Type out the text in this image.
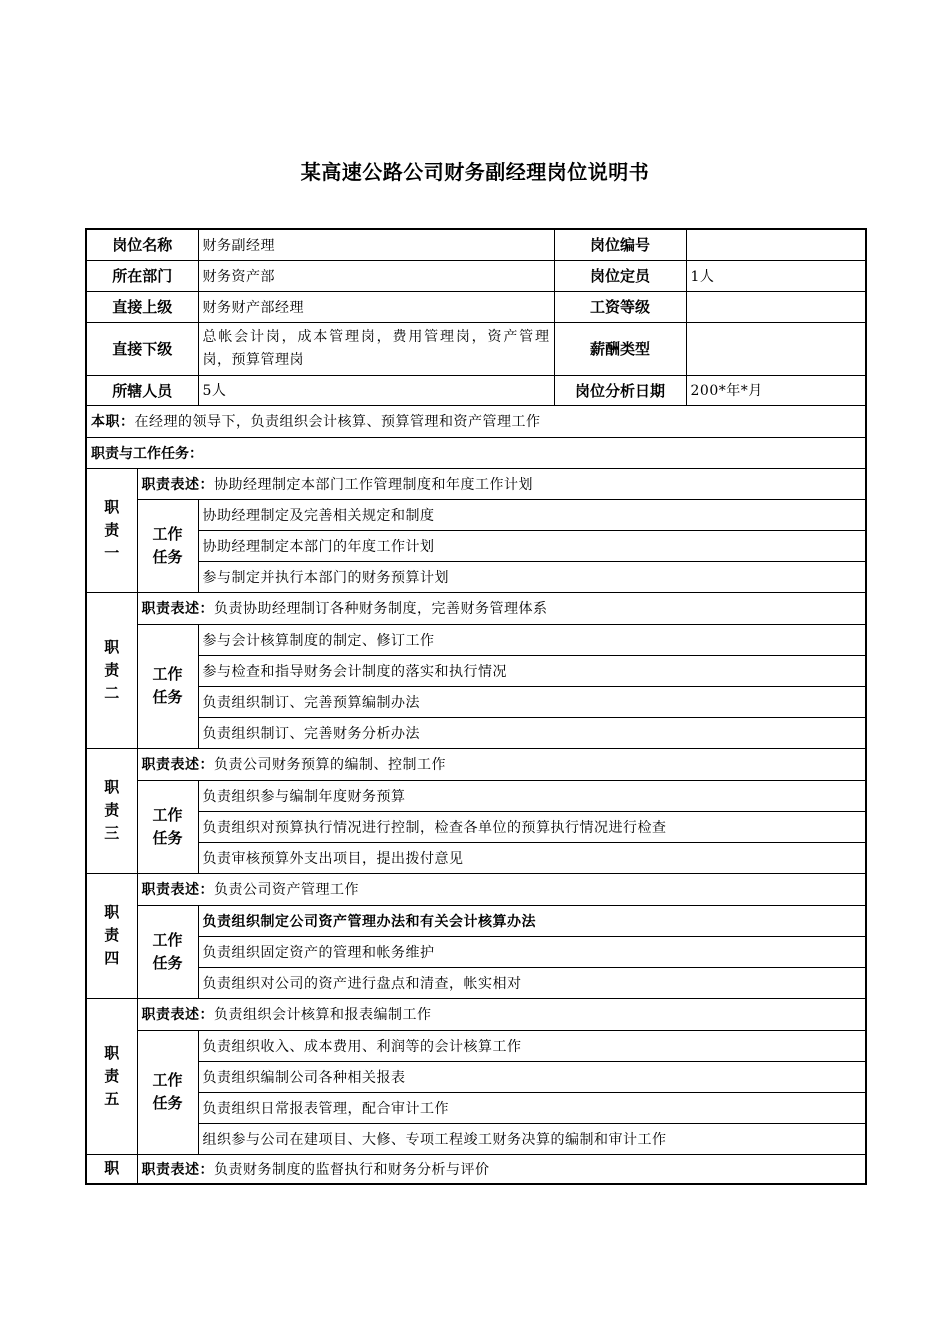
某高速公路公司财务副经理岗位说明书
岗位名称		财务副经理	岗位编号	
所在部门		财务资产部	岗位定员	1人
直接上级		财务财产部经理	工资等级	
直接下级		总帐会计岗，成本管理岗，费用管理岗，资产管理岗，预算管理岗	薪酬类型	
所辖人员		5人	岗位分析日期	200*年*月
本职：在经理的领导下，负责组织会计核算、预算管理和资产管理工作				
职责与工作任务：				

职
责
一	职责表述：协助经理制定本部门工作管理制度和年度工作计划			

	工作
任务	协助经理制定及完善相关规定和制度		
		协助经理制定本部门的年度工作计划		
		参与制定并执行本部门的财务预算计划		

职
责
二	职责表述：负责协助经理制订各种财务制度，完善财务管理体系			

	工作
任务	参与会计核算制度的制定、修订工作		
		参与检查和指导财务会计制度的落实和执行情况		
		负责组织制订、完善预算编制办法		
		负责组织制订、完善财务分析办法		

职
责
三	职责表述：负责公司财务预算的编制、控制工作			

	工作
任务	负责组织参与编制年度财务预算		
		负责组织对预算执行情况进行控制，检查各单位的预算执行情况进行检查		
		负责审核预算外支出项目，提出拨付意见		

职
责
四	职责表述：负责公司资产管理工作			

	工作
任务	负责组织制定公司资产管理办法和有关会计核算办法		
		负责组织固定资产的管理和帐务维护		
		负责组织对公司的资产进行盘点和清查，帐实相对		

职
责
五	职责表述：负责组织会计核算和报表编制工作			

	工作
任务	负责组织收入、成本费用、利润等的会计核算工作		
		负责组织编制公司各种相关报表		
		负责组织日常报表管理，配合审计工作		
		组织参与公司在建项目、大修、专项工程竣工财务决算的编制和审计工作		
职	职责表述：负责财务制度的监督执行和财务分析与评价			
